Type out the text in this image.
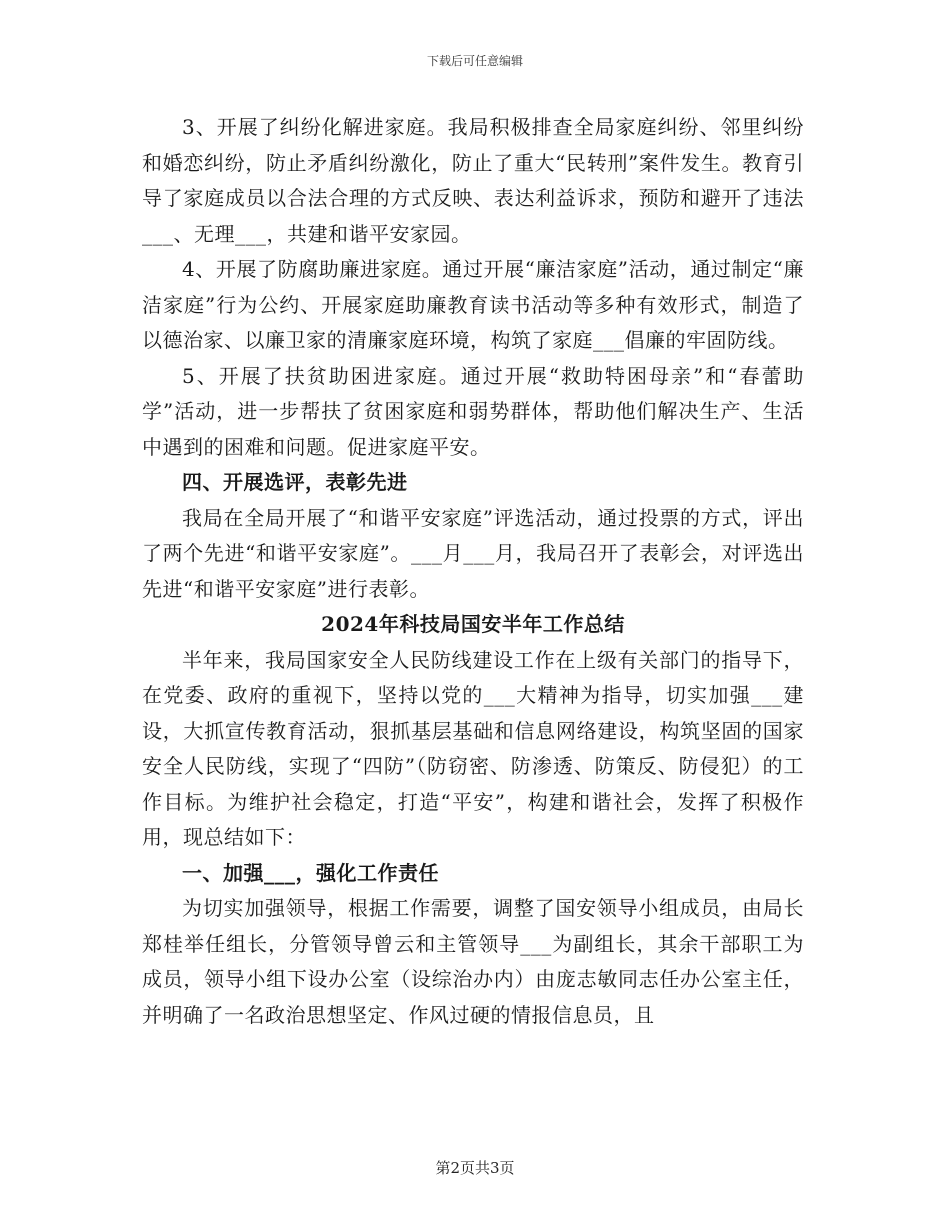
下载后可任意编辑

3、开展了纠纷化解进家庭。我局积极排查全局家庭纠纷、邻里纠纷和婚恋纠纷，防止矛盾纠纷激化，防止了重大“民转刑”案件发生。教育引导了家庭成员以合法合理的方式反映、表达利益诉求，预防和避开了违法___、无理___，共建和谐平安家园。

4、开展了防腐助廉进家庭。通过开展“廉洁家庭”活动，通过制定“廉洁家庭”行为公约、开展家庭助廉教育读书活动等多种有效形式，制造了以德治家、以廉卫家的清廉家庭环境，构筑了家庭___倡廉的牢固防线。

5、开展了扶贫助困进家庭。通过开展“救助特困母亲”和“春蕾助学”活动，进一步帮扶了贫困家庭和弱势群体，帮助他们解决生产、生活中遇到的困难和问题。促进家庭平安。

四、开展选评，表彰先进

我局在全局开展了“和谐平安家庭”评选活动，通过投票的方式，评出了两个先进“和谐平安家庭”。___月___月，我局召开了表彰会，对评选出先进“和谐平安家庭”进行表彰。

2024年科技局国安半年工作总结

半年来，我局国家安全人民防线建设工作在上级有关部门的指导下，在党委、政府的重视下，坚持以党的___大精神为指导，切实加强___建设，大抓宣传教育活动，狠抓基层基础和信息网络建设，构筑坚固的国家安全人民防线，实现了“四防”（防窃密、防渗透、防策反、防侵犯）的工作目标。为维护社会稳定，打造“平安”，构建和谐社会，发挥了积极作用，现总结如下：

一、加强___，强化工作责任

为切实加强领导，根据工作需要，调整了国安领导小组成员，由局长郑桂举任组长，分管领导曾云和主管领导___为副组长，其余干部职工为成员，领导小组下设办公室（设综治办内）由庞志敏同志任办公室主任，并明确了一名政治思想坚定、作风过硬的情报信息员，且

第2页共3页
